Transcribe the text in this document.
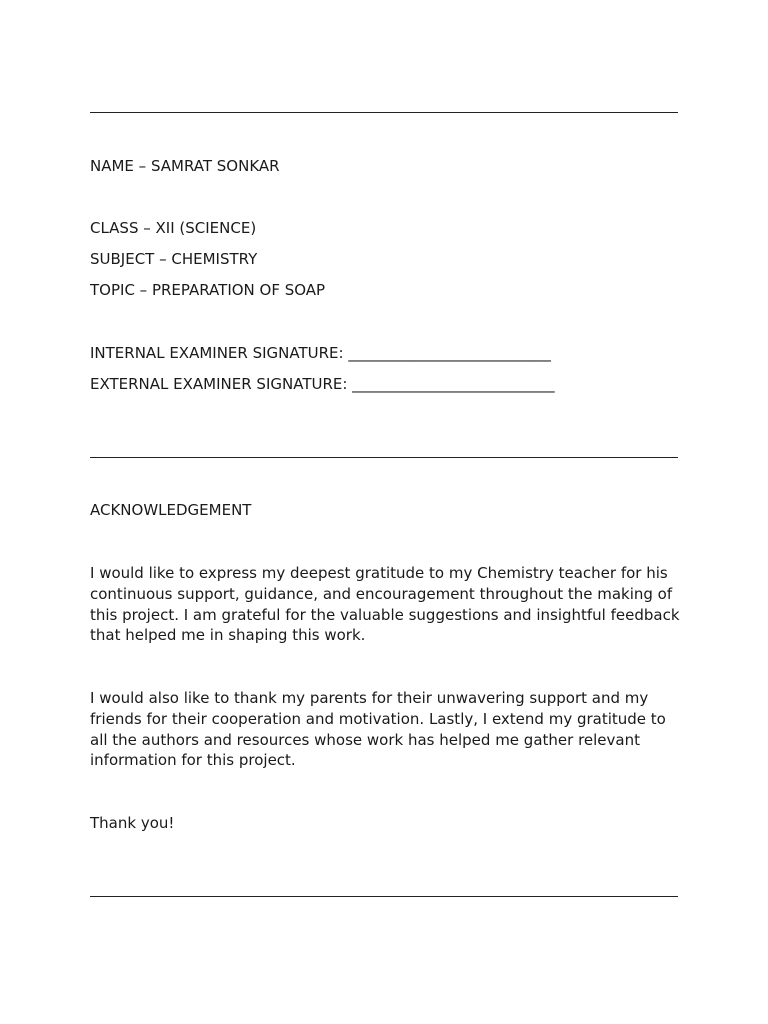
NAME – SAMRAT SONKAR
CLASS – XII (SCIENCE)
SUBJECT – CHEMISTRY
TOPIC – PREPARATION OF SOAP
INTERNAL EXAMINER SIGNATURE: ___________________________
EXTERNAL EXAMINER SIGNATURE: ___________________________
ACKNOWLEDGEMENT
I would like to express my deepest gratitude to my Chemistry teacher for his continuous support, guidance, and encouragement throughout the making of this project. I am grateful for the valuable suggestions and insightful feedback that helped me in shaping this work.
I would also like to thank my parents for their unwavering support and my friends for their cooperation and motivation. Lastly, I extend my gratitude to all the authors and resources whose work has helped me gather relevant information for this project.
Thank you!
